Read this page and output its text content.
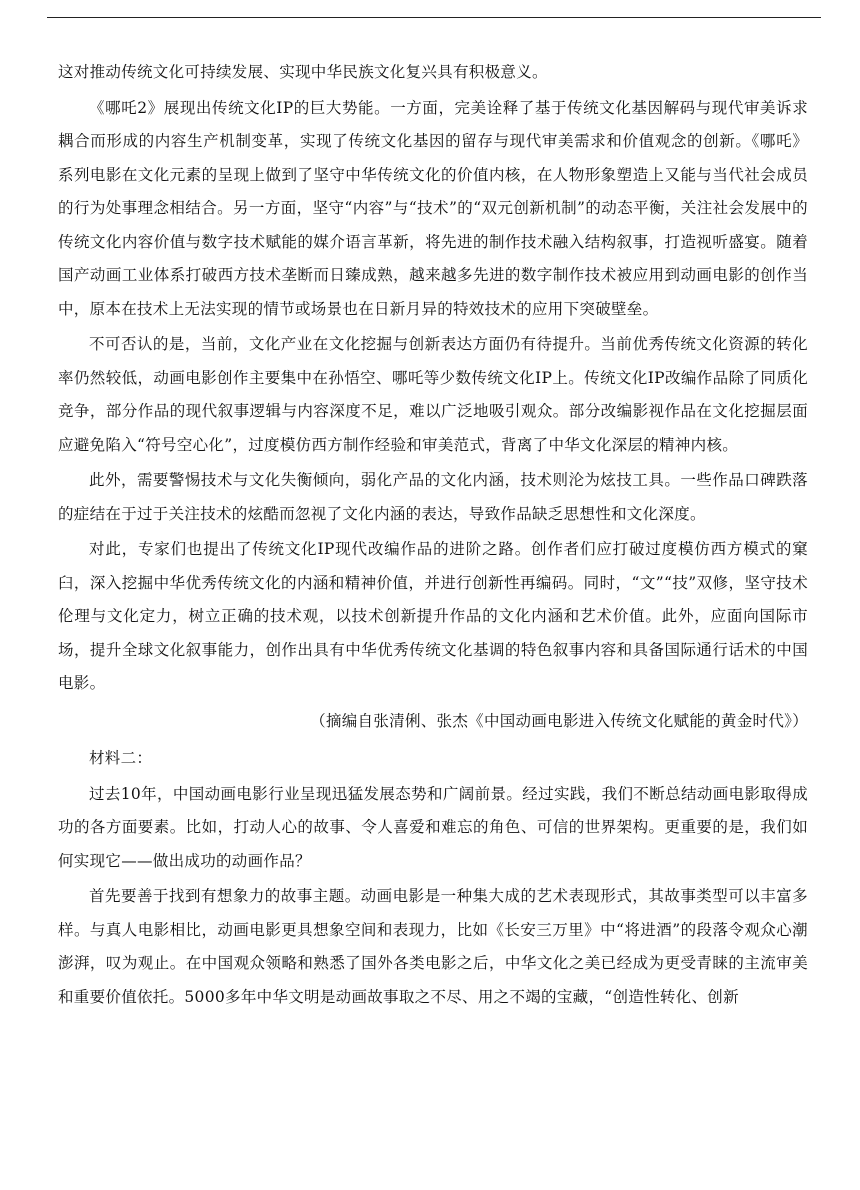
这对推动传统文化可持续发展、实现中华民族文化复兴具有积极意义。

《哪吒2》展现出传统文化IP的巨大势能。一方面，完美诠释了基于传统文化基因解码与现代审美诉求耦合而形成的内容生产机制变革，实现了传统文化基因的留存与现代审美需求和价值观念的创新。《哪吒》系列电影在文化元素的呈现上做到了坚守中华传统文化的价值内核，在人物形象塑造上又能与当代社会成员的行为处事理念相结合。另一方面，坚守“内容”与“技术”的“双元创新机制”的动态平衡，关注社会发展中的传统文化内容价值与数字技术赋能的媒介语言革新，将先进的制作技术融入结构叙事，打造视听盛宴。随着国产动画工业体系打破西方技术垄断而日臻成熟，越来越多先进的数字制作技术被应用到动画电影的创作当中，原本在技术上无法实现的情节或场景也在日新月异的特效技术的应用下突破壁垒。

不可否认的是，当前，文化产业在文化挖掘与创新表达方面仍有待提升。当前优秀传统文化资源的转化率仍然较低，动画电影创作主要集中在孙悟空、哪吒等少数传统文化IP上。传统文化IP改编作品除了同质化竞争，部分作品的现代叙事逻辑与内容深度不足，难以广泛地吸引观众。部分改编影视作品在文化挖掘层面应避免陷入“符号空心化”，过度模仿西方制作经验和审美范式，背离了中华文化深层的精神内核。

此外，需要警惕技术与文化失衡倾向，弱化产品的文化内涵，技术则沦为炫技工具。一些作品口碑跌落的症结在于过于关注技术的炫酷而忽视了文化内涵的表达，导致作品缺乏思想性和文化深度。

对此，专家们也提出了传统文化IP现代改编作品的进阶之路。创作者们应打破过度模仿西方模式的窠臼，深入挖掘中华优秀传统文化的内涵和精神价值，并进行创新性再编码。同时，“文”“技”双修，坚守技术伦理与文化定力，树立正确的技术观，以技术创新提升作品的文化内涵和艺术价值。此外，应面向国际市场，提升全球文化叙事能力，创作出具有中华优秀传统文化基调的特色叙事内容和具备国际通行话术的中国电影。

（摘编自张清俐、张杰《中国动画电影进入传统文化赋能的黄金时代》）

材料二：

过去10年，中国动画电影行业呈现迅猛发展态势和广阔前景。经过实践，我们不断总结动画电影取得成功的各方面要素。比如，打动人心的故事、令人喜爱和难忘的角色、可信的世界架构。更重要的是，我们如何实现它——做出成功的动画作品？

首先要善于找到有想象力的故事主题。动画电影是一种集大成的艺术表现形式，其故事类型可以丰富多样。与真人电影相比，动画电影更具想象空间和表现力，比如《长安三万里》中“将进酒”的段落令观众心潮澎湃，叹为观止。在中国观众领略和熟悉了国外各类电影之后，中华文化之美已经成为更受青睐的主流审美和重要价值依托。5000多年中华文明是动画故事取之不尽、用之不竭的宝藏，“创造性转化、创新
